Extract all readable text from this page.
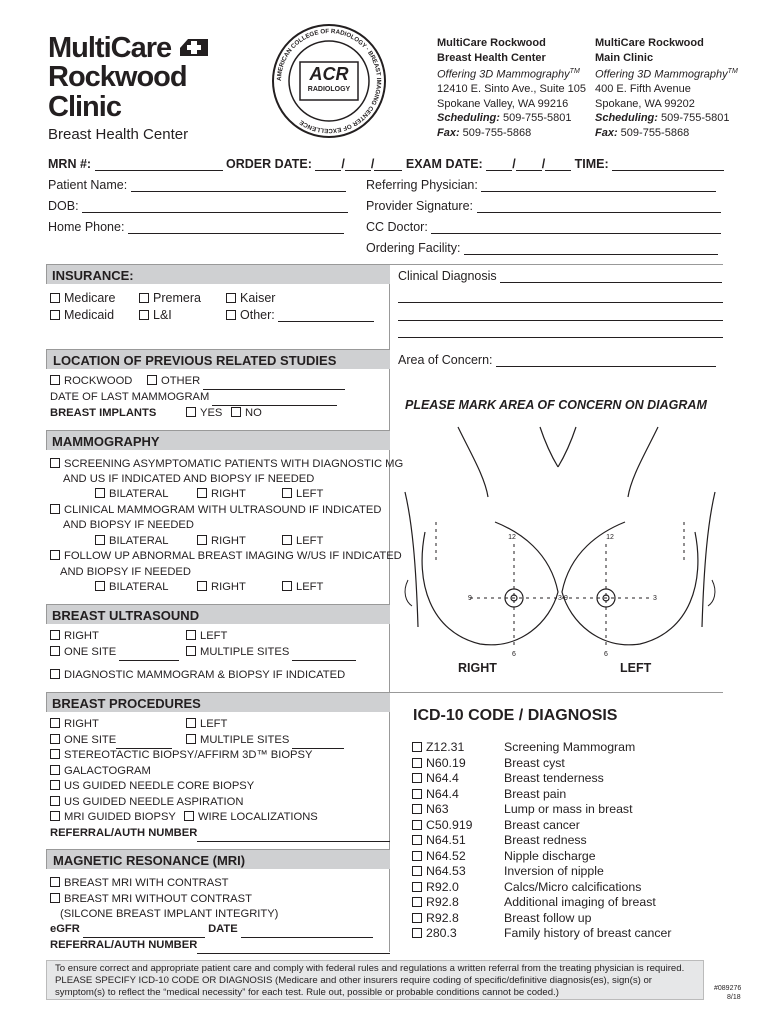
MultiCare
Rockwood Clinic
Breast Health Center
AMERICAN COLLEGE OF RADIOLOGY · BREAST IMAGING CENTER OF EXCELLENCE
ACR
RADIOLOGY
MultiCare Rockwood
Breast Health Center
Offering 3D Mammography™
12410 E. Sinto Ave., Suite 105
Spokane Valley, WA 99216
Scheduling: 509-755-5801
Fax: 509-755-5868
MultiCare Rockwood
Main Clinic
Offering 3D Mammography™
400 E. Fifth Avenue
Spokane, WA 99202
Scheduling: 509-755-5801
Fax: 509-755-5868
MRN #:	ORDER DATE: / /	EXAM DATE: / / TIME:
Patient Name:
DOB:
Home Phone:
Referring Physician:
Provider Signature:
CC Doctor:
Ordering Facility:
INSURANCE:
Medicare	Premera	Kaiser
Medicaid	L&I	Other:
LOCATION OF PREVIOUS RELATED STUDIES
ROCKWOOD	OTHER
DATE OF LAST MAMMOGRAM
BREAST IMPLANTS	YES	NO
MAMMOGRAPHY
SCREENING ASYMPTOMATIC PATIENTS WITH DIAGNOSTIC MG
AND US IF INDICATED AND BIOPSY IF NEEDED
BILATERAL	RIGHT	LEFT
CLINICAL MAMMOGRAM WITH ULTRASOUND IF INDICATED
AND BIOPSY IF NEEDED
BILATERAL	RIGHT	LEFT
FOLLOW UP ABNORMAL BREAST IMAGING W/US IF INDICATED
AND BIOPSY IF NEEDED
BILATERAL	RIGHT	LEFT
BREAST ULTRASOUND
RIGHT	LEFT
ONE SITE	MULTIPLE SITES
DIAGNOSTIC MAMMOGRAM & BIOPSY IF INDICATED
BREAST PROCEDURES
RIGHT	LEFT
ONE SITE	MULTIPLE SITES
STEREOTACTIC BIOPSY/AFFIRM 3D™ BIOPSY
GALACTOGRAM
US GUIDED NEEDLE CORE BIOPSY
US GUIDED NEEDLE ASPIRATION
MRI GUIDED BIOPSY	WIRE LOCALIZATIONS
REFERRAL/AUTH NUMBER
MAGNETIC RESONANCE (MRI)
BREAST MRI WITH CONTRAST
BREAST MRI WITHOUT CONTRAST
(SILCONE BREAST IMPLANT INTEGRITY)
eGFR	DATE
REFERRAL/AUTH NUMBER
Clinical Diagnosis
Area of Concern:
PLEASE MARK AREA OF CONCERN ON DIAGRAM
12	12
9	3 9	3
6	6
RIGHT	LEFT
ICD-10 CODE / DIAGNOSIS
Z12.31	Screening Mammogram
N60.19	Breast cyst
N64.4	Breast tenderness
N64.4	Breast pain
N63	Lump or mass in breast
C50.919	Breast cancer
N64.51	Breast redness
N64.52	Nipple discharge
N64.53	Inversion of nipple
R92.0	Calcs/Micro calcifications
R92.8	Additional imaging of breast
R92.8	Breast follow up
280.3	Family history of breast cancer
To ensure correct and appropriate patient care and comply with federal rules and regulations a written referral from the treating physician is required. PLEASE SPECIFY ICD-10 CODE OR DIAGNOSIS (Medicare and other insurers require coding of specific/definitive diagnosis(es), sign(s) or symptom(s) to reflect the “medical necessity” for each test. Rule out, possible or probable conditions cannot be coded.)	#089276
8/18
